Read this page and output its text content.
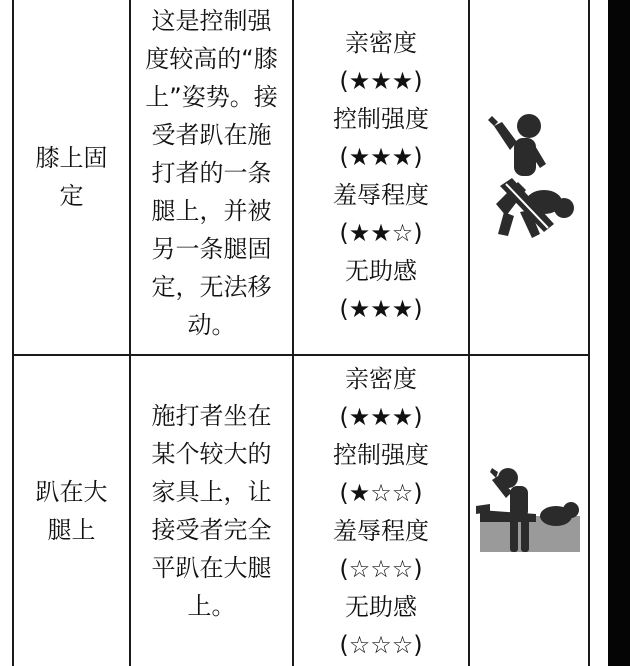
膝上固
定
这是控制强
度较高的“膝
上”姿势。接
受者趴在施
打者的一条
腿上，并被
另一条腿固
定，无法移
动。
亲密度
(★★★)
控制强度
(★★★)
羞辱程度
(★★☆)
无助感
(★★★)
趴在大
腿上
施打者坐在
某个较大的
家具上，让
接受者完全
平趴在大腿
上。
亲密度
(★★★)
控制强度
(★☆☆)
羞辱程度
(☆☆☆)
无助感
(☆☆☆)
